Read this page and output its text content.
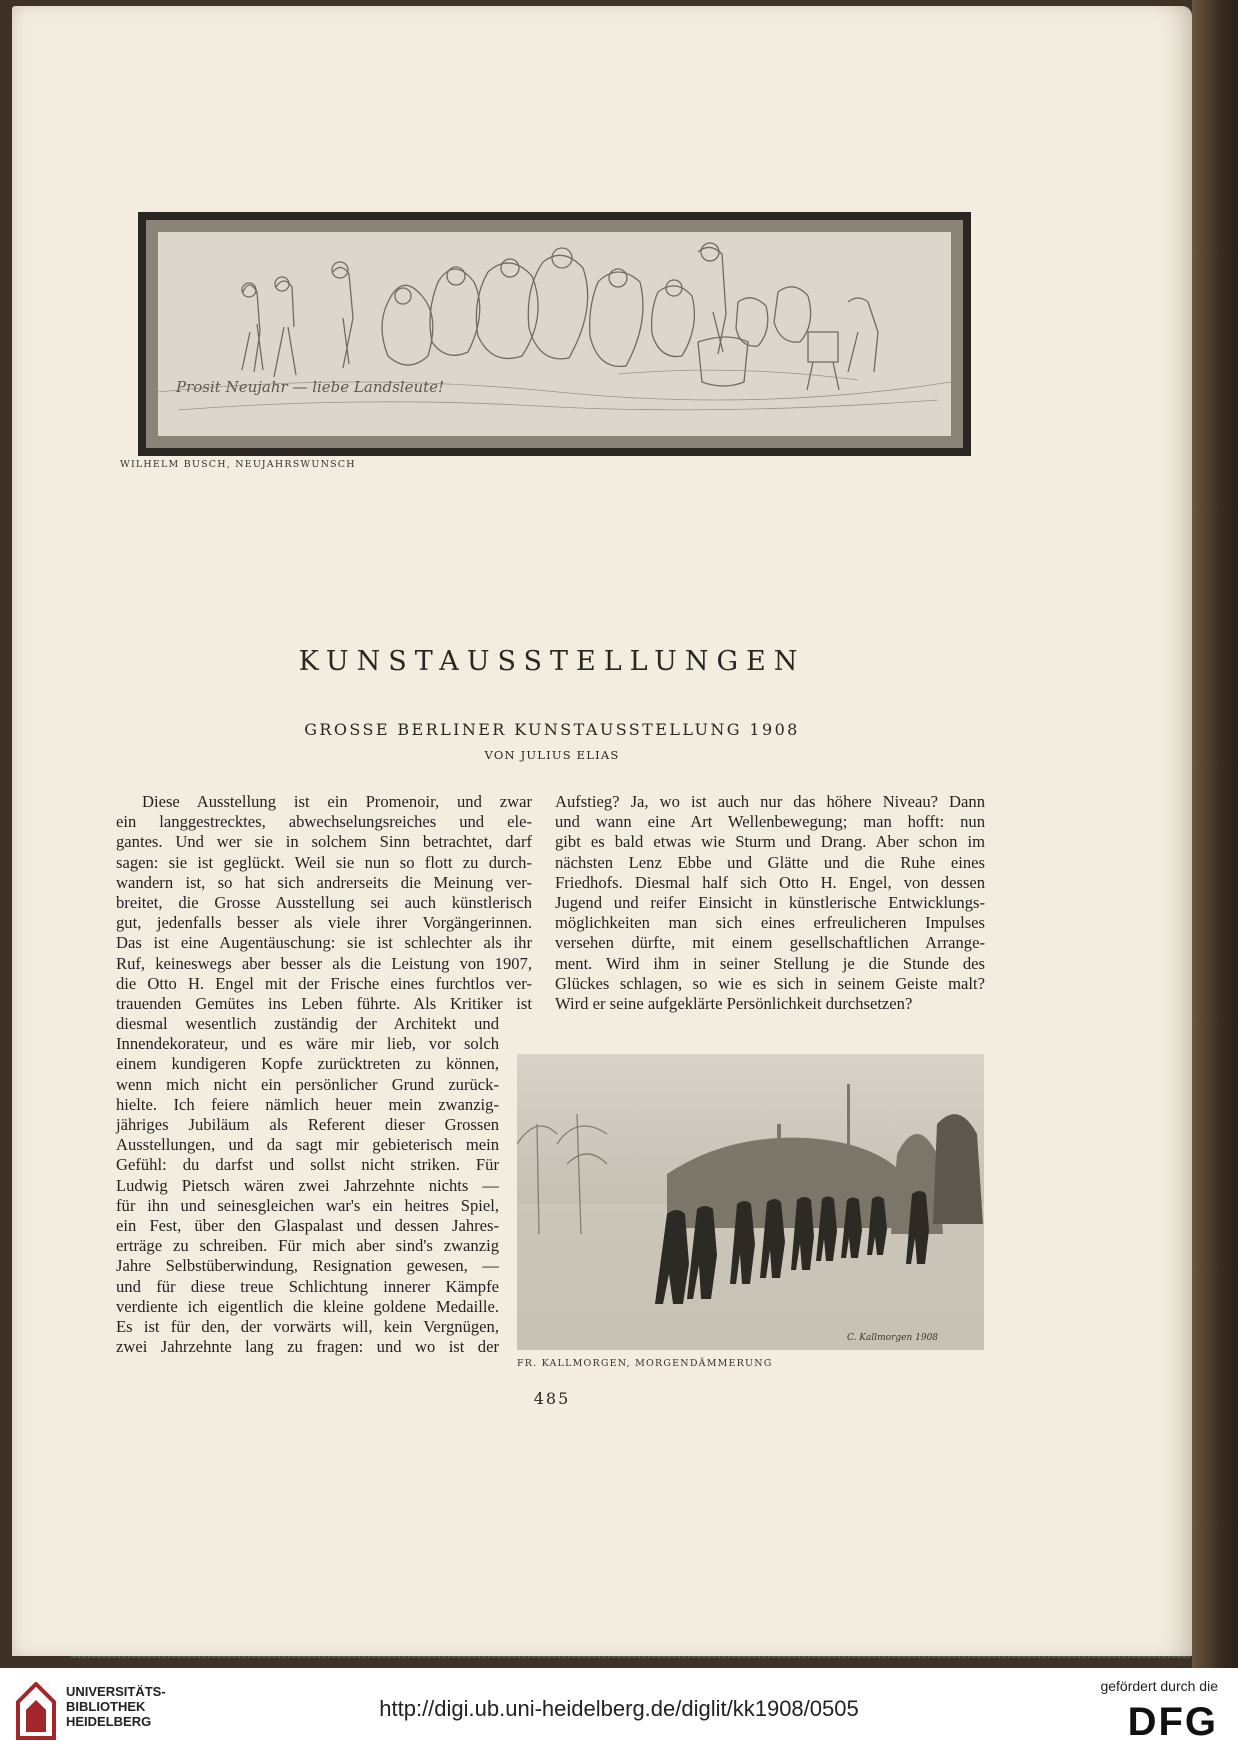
Prosit Neujahr — liebe Landsleute!
WILHELM BUSCH, NEUJAHRSWUNSCH
KUNSTAUSSTELLUNGEN
GROSSE BERLINER KUNSTAUSSTELLUNG 1908
VON JULIUS ELIAS
Diese Ausstellung ist ein Promenoir, und zwar
ein langgestrecktes, abwechselungsreiches und ele-
gantes. Und wer sie in solchem Sinn betrachtet, darf
sagen: sie ist geglückt. Weil sie nun so flott zu durch-
wandern ist, so hat sich andrerseits die Meinung ver-
breitet, die Grosse Ausstellung sei auch künstlerisch
gut, jedenfalls besser als viele ihrer Vorgängerinnen.
Das ist eine Augentäuschung: sie ist schlechter als ihr
Ruf, keineswegs aber besser als die Leistung von 1907,
die Otto H. Engel mit der Frische eines furchtlos ver-
trauenden Gemütes ins Leben führte. Als Kritiker ist
diesmal wesentlich zuständig der Architekt und
Innendekorateur, und es wäre mir lieb, vor solch
einem kundigeren Kopfe zurücktreten zu können,
wenn mich nicht ein persönlicher Grund zurück-
hielte. Ich feiere nämlich heuer mein zwanzig-
jähriges Jubiläum als Referent dieser Grossen
Ausstellungen, und da sagt mir gebieterisch mein
Gefühl: du darfst und sollst nicht striken. Für
Ludwig Pietsch wären zwei Jahrzehnte nichts —
für ihn und seinesgleichen war's ein heitres Spiel,
ein Fest, über den Glaspalast und dessen Jahres-
erträge zu schreiben. Für mich aber sind's zwanzig
Jahre Selbstüberwindung, Resignation gewesen, —
und für diese treue Schlichtung innerer Kämpfe
verdiente ich eigentlich die kleine goldene Medaille.
Es ist für den, der vorwärts will, kein Vergnügen,
zwei Jahrzehnte lang zu fragen: und wo ist der
Aufstieg? Ja, wo ist auch nur das höhere Niveau? Dann
und wann eine Art Wellenbewegung; man hofft: nun
gibt es bald etwas wie Sturm und Drang. Aber schon im
nächsten Lenz Ebbe und Glätte und die Ruhe eines
Friedhofs. Diesmal half sich Otto H. Engel, von dessen
Jugend und reifer Einsicht in künstlerische Entwicklungs-
möglichkeiten man sich eines erfreulicheren Impulses
versehen dürfte, mit einem gesellschaftlichen Arrange-
ment. Wird ihm in seiner Stellung je die Stunde des
Glückes schlagen, so wie es sich in seinem Geiste malt?
Wird er seine aufgeklärte Persönlichkeit durchsetzen?
C. Kallmorgen 1908
FR. KALLMORGEN, MORGENDÄMMERUNG
485
UNIVERSITÄTS-
BIBLIOTHEK
HEIDELBERG
http://digi.ub.uni-heidelberg.de/diglit/kk1908/0505
gefördert durch die
DFG
